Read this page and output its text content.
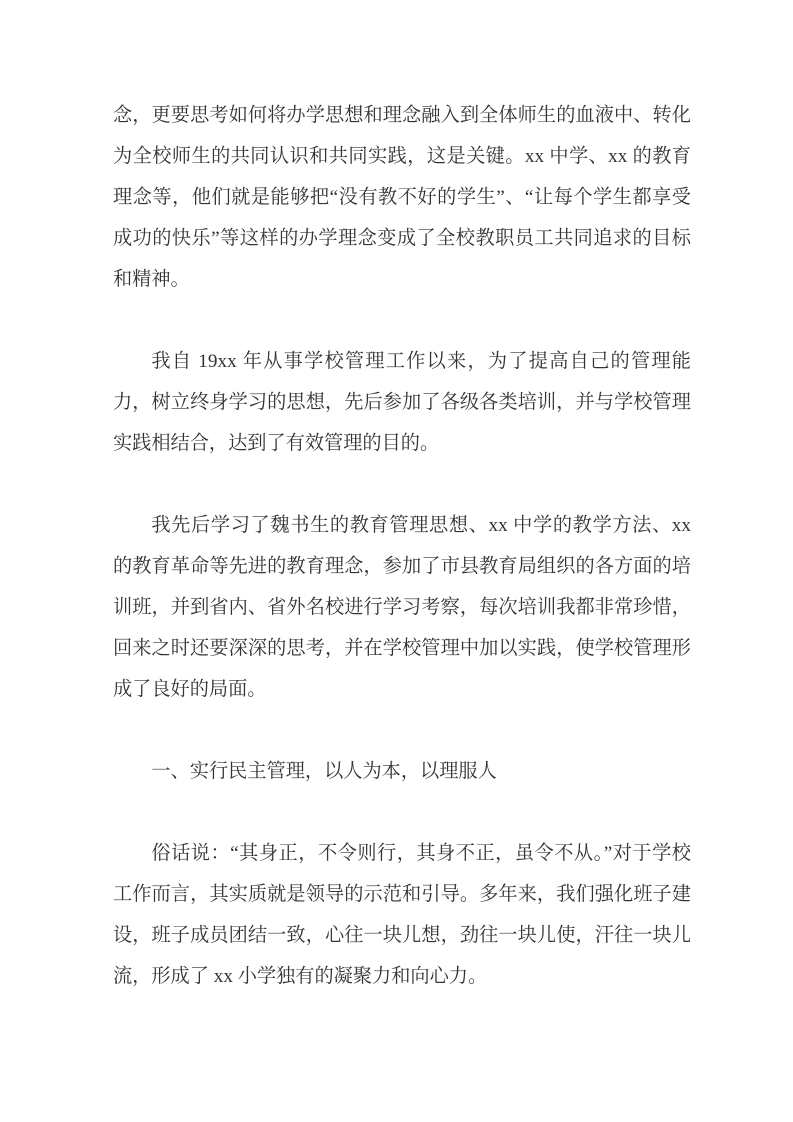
念，更要思考如何将办学思想和理念融入到全体师生的血液中、转化为全校师生的共同认识和共同实践，这是关键。xx 中学、xx 的教育理念等，他们就是能够把“没有教不好的学生”、“让每个学生都享受成功的快乐”等这样的办学理念变成了全校教职员工共同追求的目标和精神。

我自 19xx 年从事学校管理工作以来，为了提高自己的管理能力，树立终身学习的思想，先后参加了各级各类培训，并与学校管理实践相结合，达到了有效管理的目的。

我先后学习了魏书生的教育管理思想、xx 中学的教学方法、xx 的教育革命等先进的教育理念，参加了市县教育局组织的各方面的培训班，并到省内、省外名校进行学习考察，每次培训我都非常珍惜，回来之时还要深深的思考，并在学校管理中加以实践，使学校管理形成了良好的局面。

一、实行民主管理，以人为本，以理服人

俗话说：“其身正，不令则行，其身不正，虽令不从。”对于学校工作而言，其实质就是领导的示范和引导。多年来，我们强化班子建设，班子成员团结一致，心往一块儿想，劲往一块儿使，汗往一块儿流，形成了 xx 小学独有的凝聚力和向心力。
